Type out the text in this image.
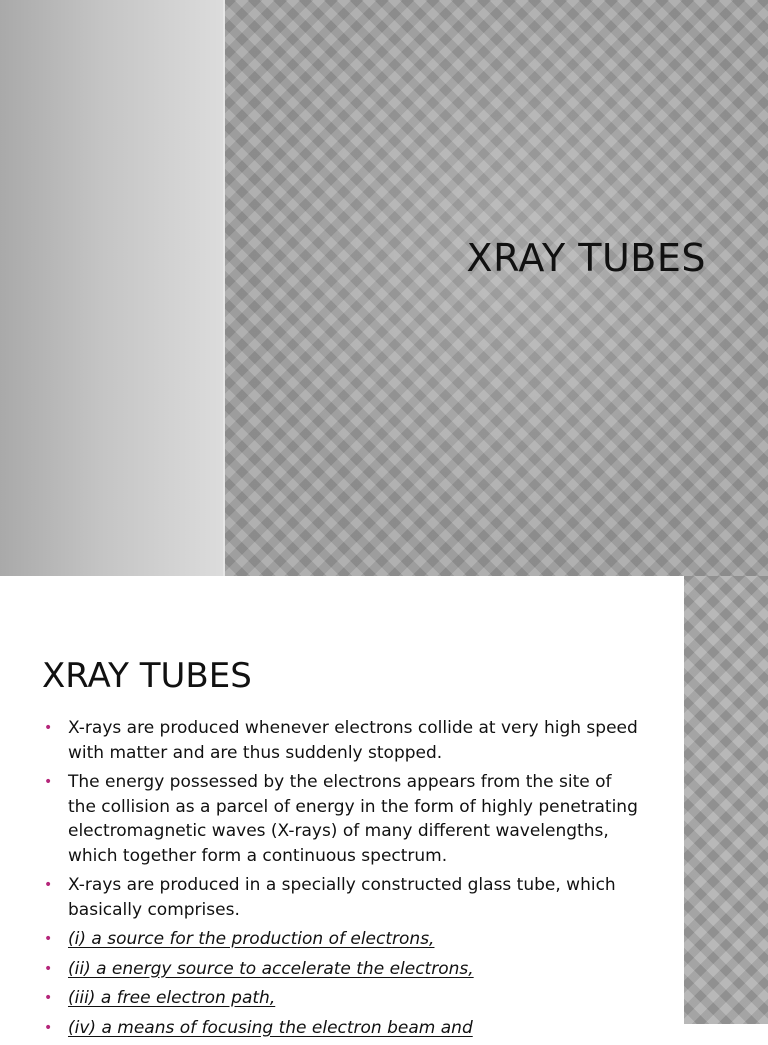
XRAY TUBES
XRAY TUBES
• X-rays are produced whenever electrons collide at very high speed with matter and are thus suddenly stopped.
• The energy possessed by the electrons appears from the site of the collision as a parcel of energy in the form of highly penetrating electromagnetic waves (X-rays) of many different wavelengths, which together form a continuous spectrum.
• X-rays are produced in a specially constructed glass tube, which basically comprises.
• (i) a source for the production of electrons,
• (ii) a energy source to accelerate the electrons,
• (iii) a free electron path,
• (iv) a means of focusing the electron beam and
